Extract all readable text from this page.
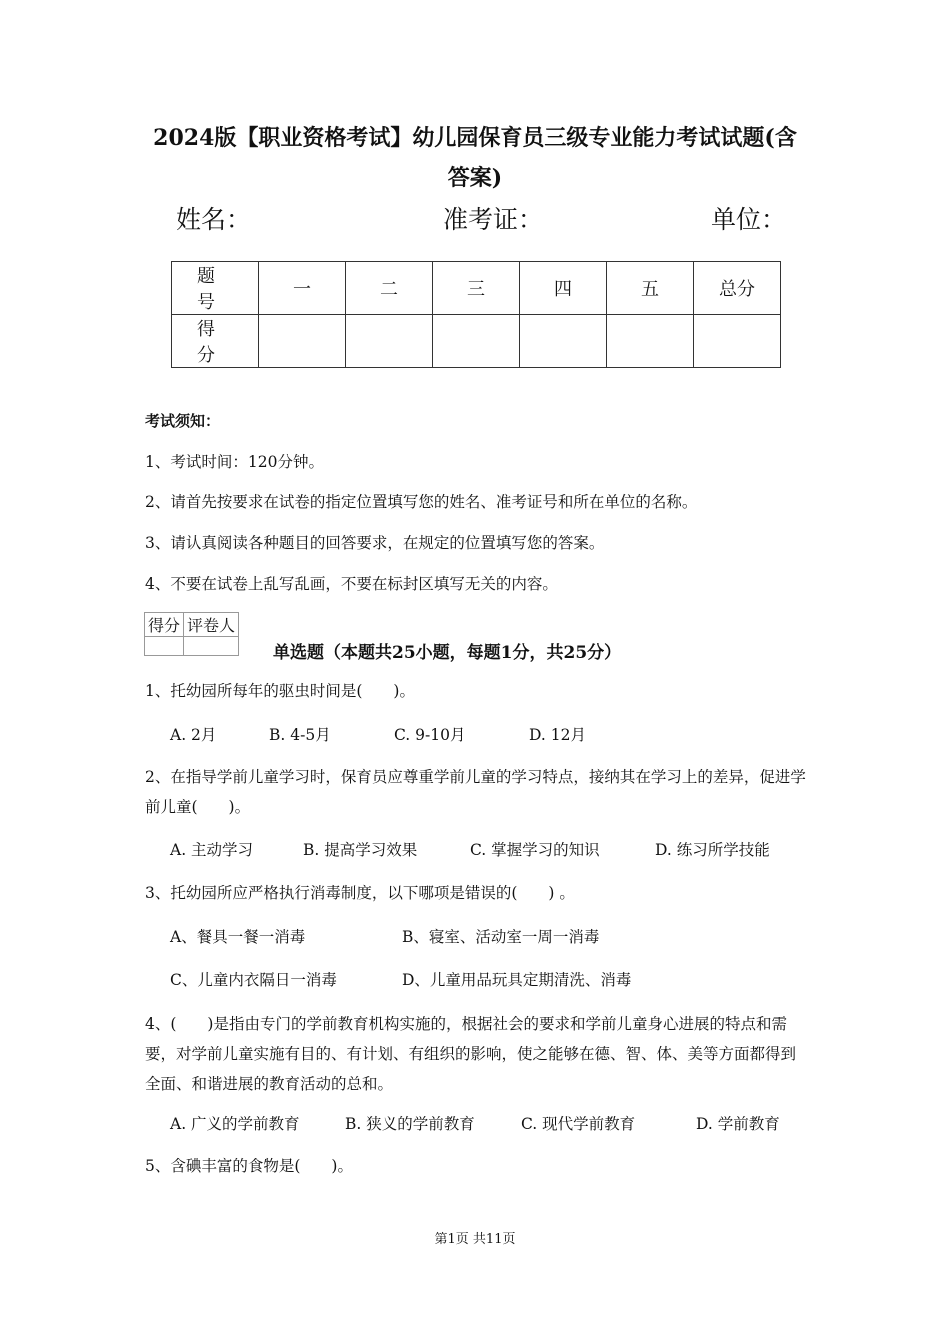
2024版【职业资格考试】幼儿园保育员三级专业能力考试试题(含
答案)
姓名：	准考证：	单位：
题 号	一	二	三	四	五	总分
得 分						
考试须知：
1、考试时间：120分钟。
2、请首先按要求在试卷的指定位置填写您的姓名、准考证号和所在单位的名称。
3、请认真阅读各种题目的回答要求，在规定的位置填写您的答案。
4、不要在试卷上乱写乱画，不要在标封区填写无关的内容。
得分	评卷人

单选题（本题共25小题，每题1分，共25分）
1、托幼园所每年的驱虫时间是(　　)。
A. 2月	B. 4-5月	C. 9-10月	D. 12月
2、在指导学前儿童学习时，保育员应尊重学前儿童的学习特点，接纳其在学习上的差异，促进学前儿童(　　)。
A. 主动学习	B. 提高学习效果	C. 掌握学习的知识	D. 练习所学技能
3、托幼园所应严格执行消毒制度，以下哪项是错误的(　　) 。
A、餐具一餐一消毒	B、寝室、活动室一周一消毒
C、儿童内衣隔日一消毒	D、儿童用品玩具定期清洗、消毒
4、(　　)是指由专门的学前教育机构实施的，根据社会的要求和学前儿童身心进展的特点和需要，对学前儿童实施有目的、有计划、有组织的影响，使之能够在德、智、体、美等方面都得到全面、和谐进展的教育活动的总和。
A. 广义的学前教育	B. 狭义的学前教育	C. 现代学前教育	D. 学前教育
5、含碘丰富的食物是(　　)。
第1页 共11页
